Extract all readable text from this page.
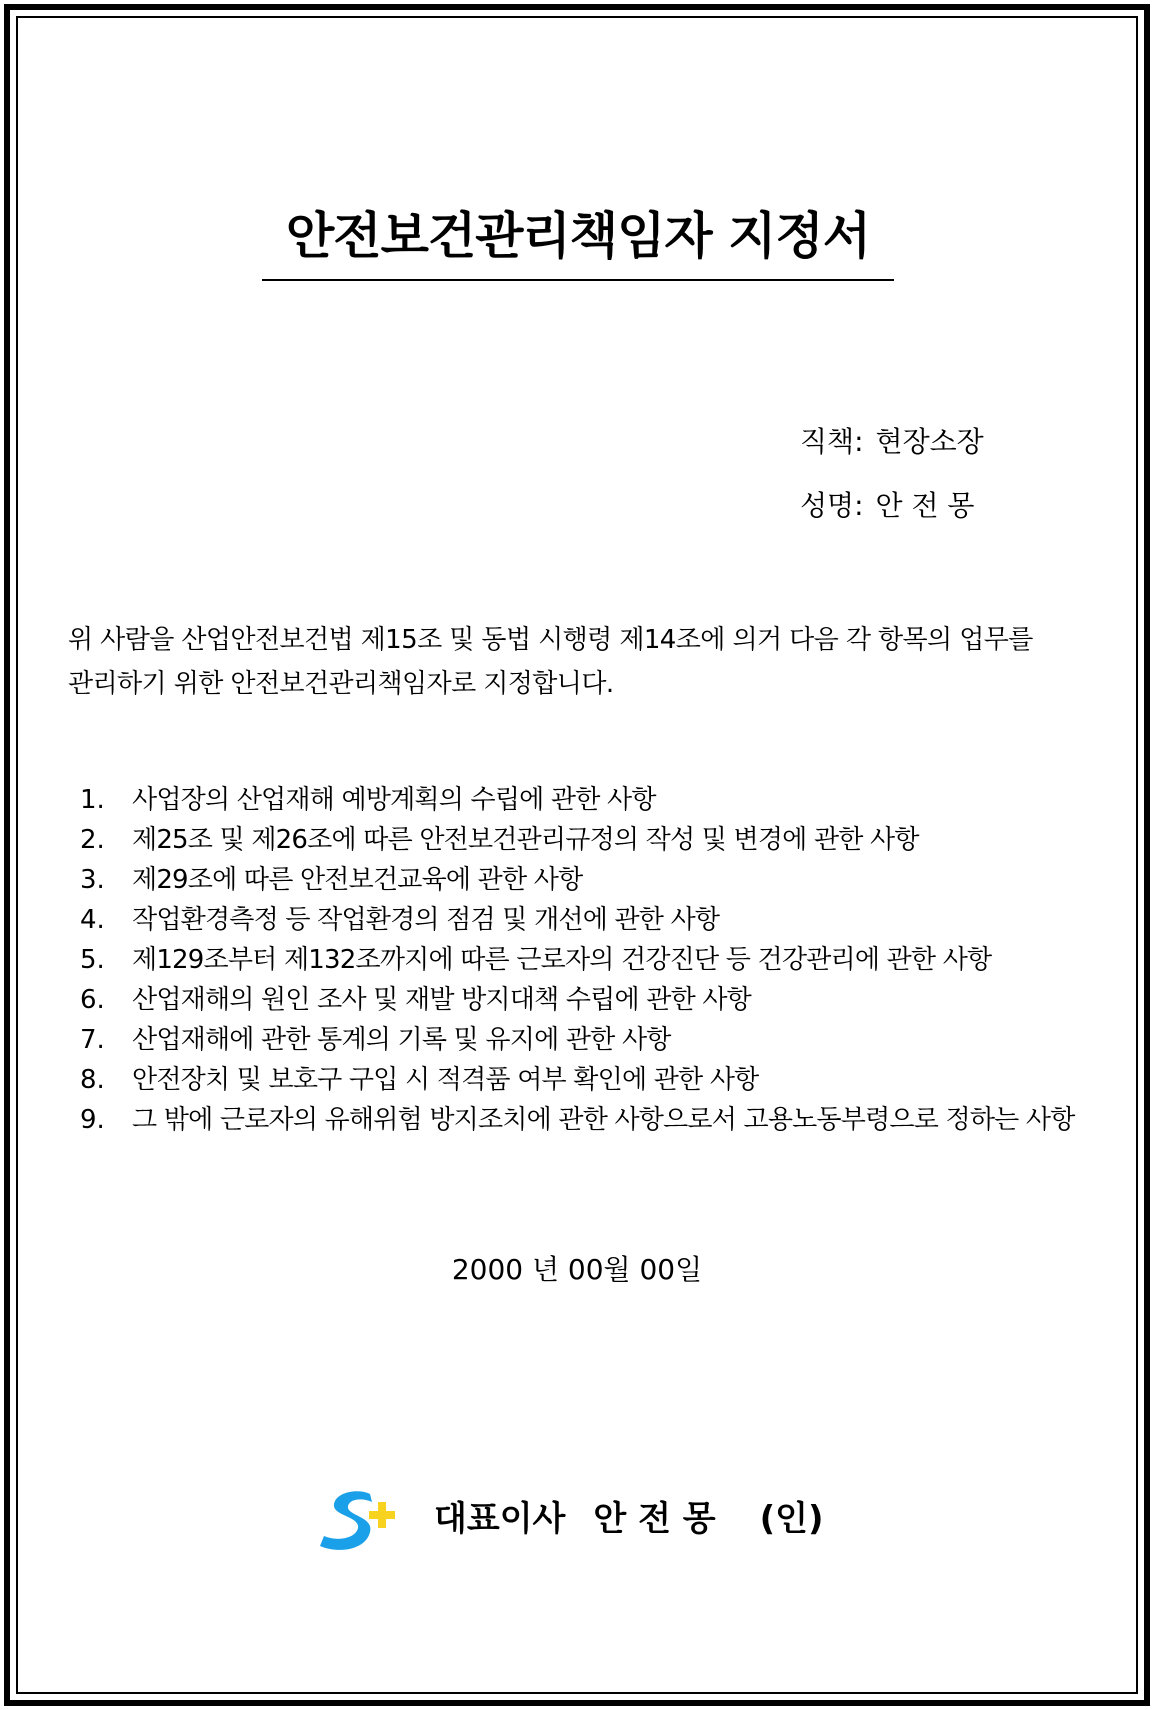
안전보건관리책임자 지정서
직책: 현장소장
성명: 안 전 몽

위 사람을 산업안전보건법 제15조 및 동법 시행령 제14조에 의거 다음 각 항목의 업무를

관리하기 위한 안전보건관리책임자로 지정합니다.

1.	사업장의 산업재해 예방계획의 수립에 관한 사항
2.	제25조 및 제26조에 따른 안전보건관리규정의 작성 및 변경에 관한 사항
3.	제29조에 따른 안전보건교육에 관한 사항
4.	작업환경측정 등 작업환경의 점검 및 개선에 관한 사항
5.	제129조부터 제132조까지에 따른 근로자의 건강진단 등 건강관리에 관한 사항
6.	산업재해의 원인 조사 및 재발 방지대책 수립에 관한 사항
7.	산업재해에 관한 통계의 기록 및 유지에 관한 사항
8.	안전장치 및 보호구 구입 시 적격품 여부 확인에 관한 사항
9.	그 밖에 근로자의 유해위험 방지조치에 관한 사항으로서 고용노동부령으로 정하는 사항
2000 년 00월 00일
대표이사 안 전 몽 (인)
